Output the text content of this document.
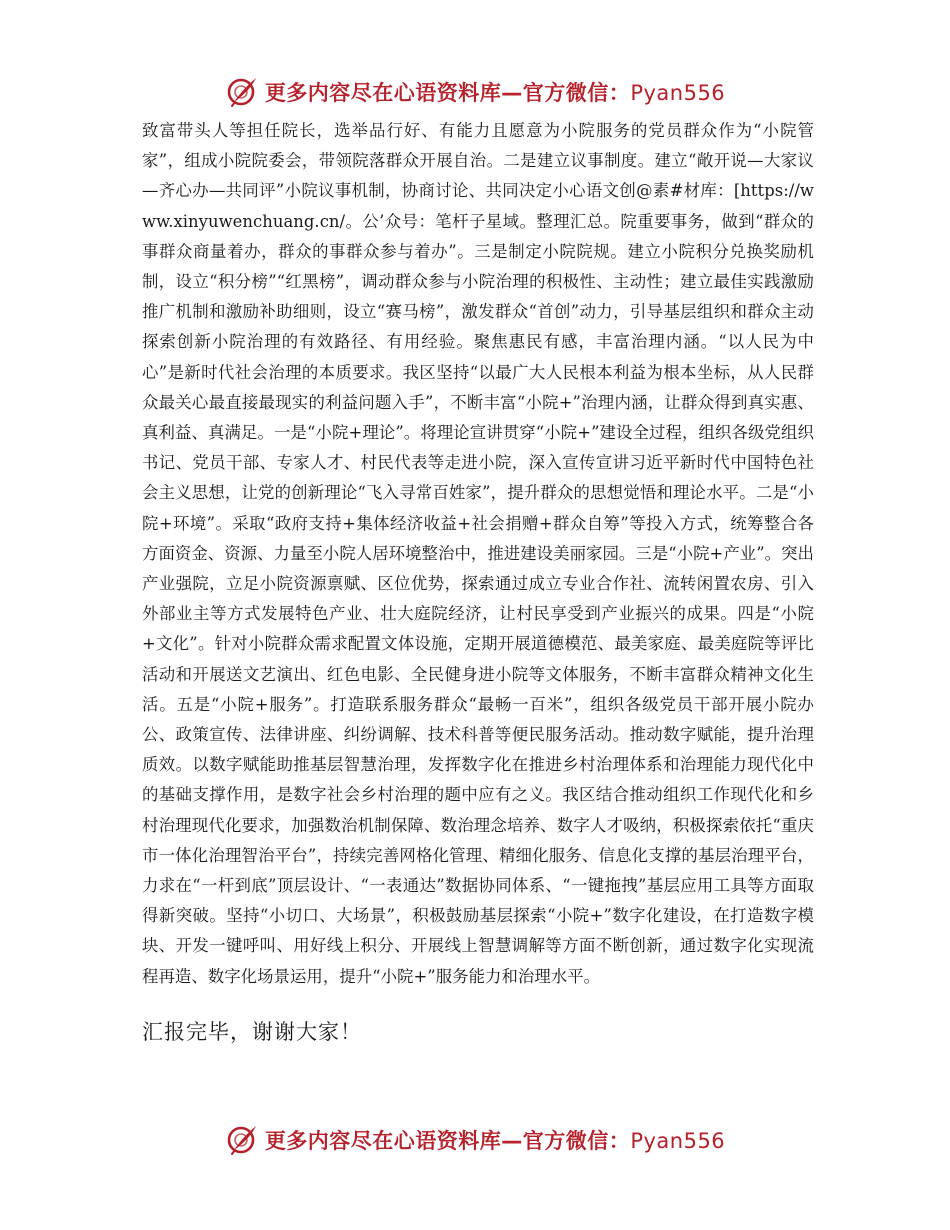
更多内容尽在心语资料库—官方微信：Pyan556

致富带头人等担任院长，选举品行好、有能力且愿意为小院服务的党员群众作为“小院管家”，组成小院院委会，带领院落群众开展自治。二是建立议事制度。建立“敞开说—大家议—齐心办—共同评”小院议事机制，协商讨论、共同决定小心语文创@素#材库：[https://www.xinyuwenchuang.cn/。公’众号：笔杆子星域。整理汇总。院重要事务，做到“群众的事群众商量着办，群众的事群众参与着办”。三是制定小院院规。建立小院积分兑换奖励机制，设立“积分榜”“红黑榜”，调动群众参与小院治理的积极性、主动性；建立最佳实践激励推广机制和激励补助细则，设立“赛马榜”，激发群众“首创”动力，引导基层组织和群众主动探索创新小院治理的有效路径、有用经验。聚焦惠民有感，丰富治理内涵。“以人民为中心”是新时代社会治理的本质要求。我区坚持“以最广大人民根本利益为根本坐标，从人民群众最关心最直接最现实的利益问题入手”，不断丰富“小院+”治理内涵，让群众得到真实惠、真利益、真满足。一是“小院+理论”。将理论宣讲贯穿“小院+”建设全过程，组织各级党组织书记、党员干部、专家人才、村民代表等走进小院，深入宣传宣讲习近平新时代中国特色社会主义思想，让党的创新理论“飞入寻常百姓家”，提升群众的思想觉悟和理论水平。二是“小院+环境”。采取“政府支持+集体经济收益+社会捐赠+群众自筹”等投入方式，统筹整合各方面资金、资源、力量至小院人居环境整治中，推进建设美丽家园。三是“小院+产业”。突出产业强院，立足小院资源禀赋、区位优势，探索通过成立专业合作社、流转闲置农房、引入外部业主等方式发展特色产业、壮大庭院经济，让村民享受到产业振兴的成果。四是“小院+文化”。针对小院群众需求配置文体设施，定期开展道德模范、最美家庭、最美庭院等评比活动和开展送文艺演出、红色电影、全民健身进小院等文体服务，不断丰富群众精神文化生活。五是“小院+服务”。打造联系服务群众“最畅一百米”，组织各级党员干部开展小院办公、政策宣传、法律讲座、纠纷调解、技术科普等便民服务活动。推动数字赋能，提升治理质效。以数字赋能助推基层智慧治理，发挥数字化在推进乡村治理体系和治理能力现代化中的基础支撑作用，是数字社会乡村治理的题中应有之义。我区结合推动组织工作现代化和乡村治理现代化要求，加强数治机制保障、数治理念培养、数字人才吸纳，积极探索依托“重庆市一体化治理智治平台”，持续完善网格化管理、精细化服务、信息化支撑的基层治理平台，力求在“一杆到底”顶层设计、“一表通达”数据协同体系、“一键拖拽”基层应用工具等方面取得新突破。坚持“小切口、大场景”，积极鼓励基层探索“小院+”数字化建设，在打造数字模块、开发一键呼叫、用好线上积分、开展线上智慧调解等方面不断创新，通过数字化实现流程再造、数字化场景运用，提升“小院+”服务能力和治理水平。

汇报完毕，谢谢大家！

更多内容尽在心语资料库—官方微信：Pyan556
